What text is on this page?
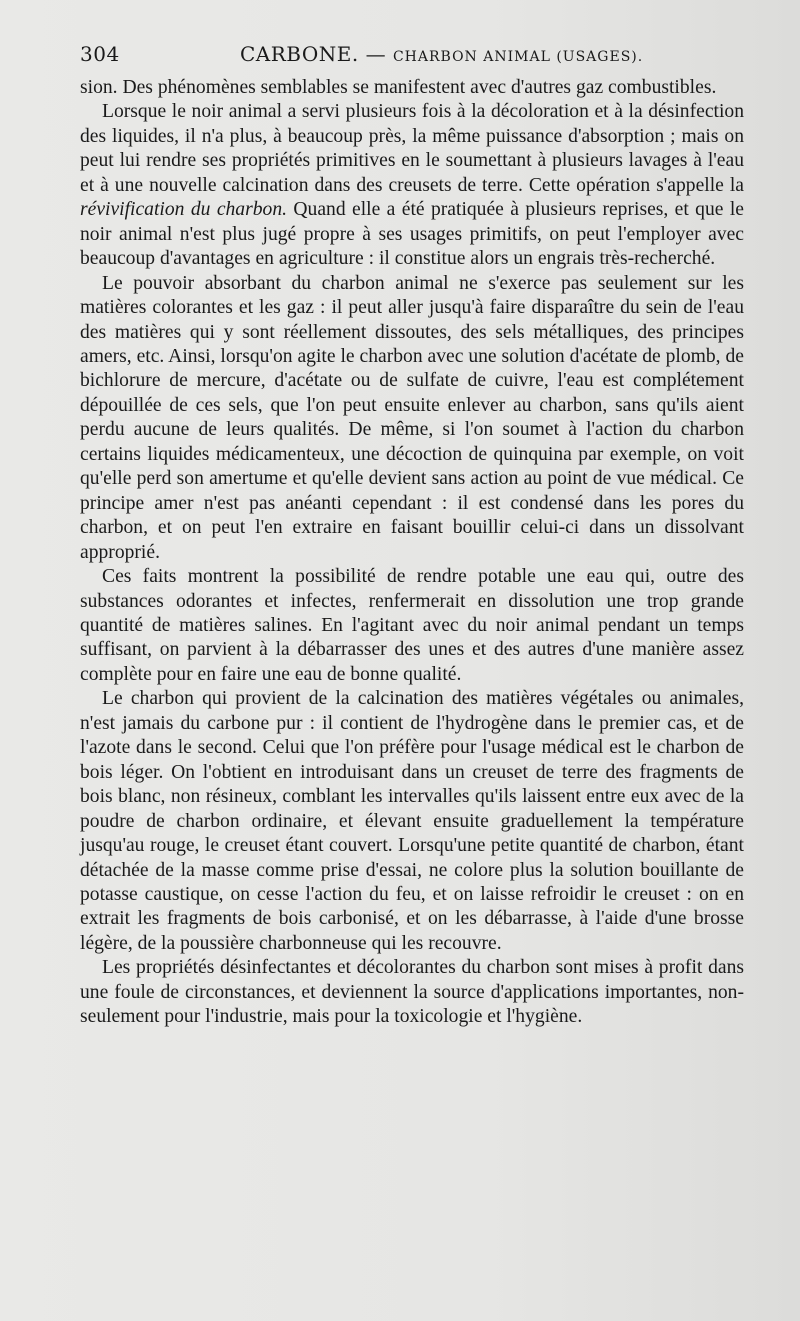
304	CARBONE. — CHARBON ANIMAL (USAGES).

sion. Des phénomènes semblables se manifestent avec d'autres gaz combustibles.

Lorsque le noir animal a servi plusieurs fois à la décoloration et à la désinfection des liquides, il n'a plus, à beaucoup près, la même puissance d'absorption ; mais on peut lui rendre ses propriétés primitives en le soumettant à plusieurs lavages à l'eau et à une nouvelle calcination dans des creusets de terre. Cette opération s'appelle la révivification du charbon. Quand elle a été pratiquée à plusieurs reprises, et que le noir animal n'est plus jugé propre à ses usages primitifs, on peut l'employer avec beaucoup d'avantages en agriculture : il constitue alors un engrais très-recherché.

Le pouvoir absorbant du charbon animal ne s'exerce pas seulement sur les matières colorantes et les gaz : il peut aller jusqu'à faire disparaître du sein de l'eau des matières qui y sont réellement dissoutes, des sels métalliques, des principes amers, etc. Ainsi, lorsqu'on agite le charbon avec une solution d'acétate de plomb, de bichlorure de mercure, d'acétate ou de sulfate de cuivre, l'eau est complétement dépouillée de ces sels, que l'on peut ensuite enlever au charbon, sans qu'ils aient perdu aucune de leurs qualités. De même, si l'on soumet à l'action du charbon certains liquides médicamenteux, une décoction de quinquina par exemple, on voit qu'elle perd son amertume et qu'elle devient sans action au point de vue médical. Ce principe amer n'est pas anéanti cependant : il est condensé dans les pores du charbon, et on peut l'en extraire en faisant bouillir celui-ci dans un dissolvant approprié.

Ces faits montrent la possibilité de rendre potable une eau qui, outre des substances odorantes et infectes, renfermerait en dissolution une trop grande quantité de matières salines. En l'agitant avec du noir animal pendant un temps suffisant, on parvient à la débarrasser des unes et des autres d'une manière assez complète pour en faire une eau de bonne qualité.

Le charbon qui provient de la calcination des matières végétales ou animales, n'est jamais du carbone pur : il contient de l'hydrogène dans le premier cas, et de l'azote dans le second. Celui que l'on préfère pour l'usage médical est le charbon de bois léger. On l'obtient en introduisant dans un creuset de terre des fragments de bois blanc, non résineux, comblant les intervalles qu'ils laissent entre eux avec de la poudre de charbon ordinaire, et élevant ensuite graduellement la température jusqu'au rouge, le creuset étant couvert. Lorsqu'une petite quantité de charbon, étant détachée de la masse comme prise d'essai, ne colore plus la solution bouillante de potasse caustique, on cesse l'action du feu, et on laisse refroidir le creuset : on en extrait les fragments de bois carbonisé, et on les débarrasse, à l'aide d'une brosse légère, de la poussière charbonneuse qui les recouvre.

Les propriétés désinfectantes et décolorantes du charbon sont mises à profit dans une foule de circonstances, et deviennent la source d'applications importantes, non-seulement pour l'industrie, mais pour la toxicologie et l'hygiène.
